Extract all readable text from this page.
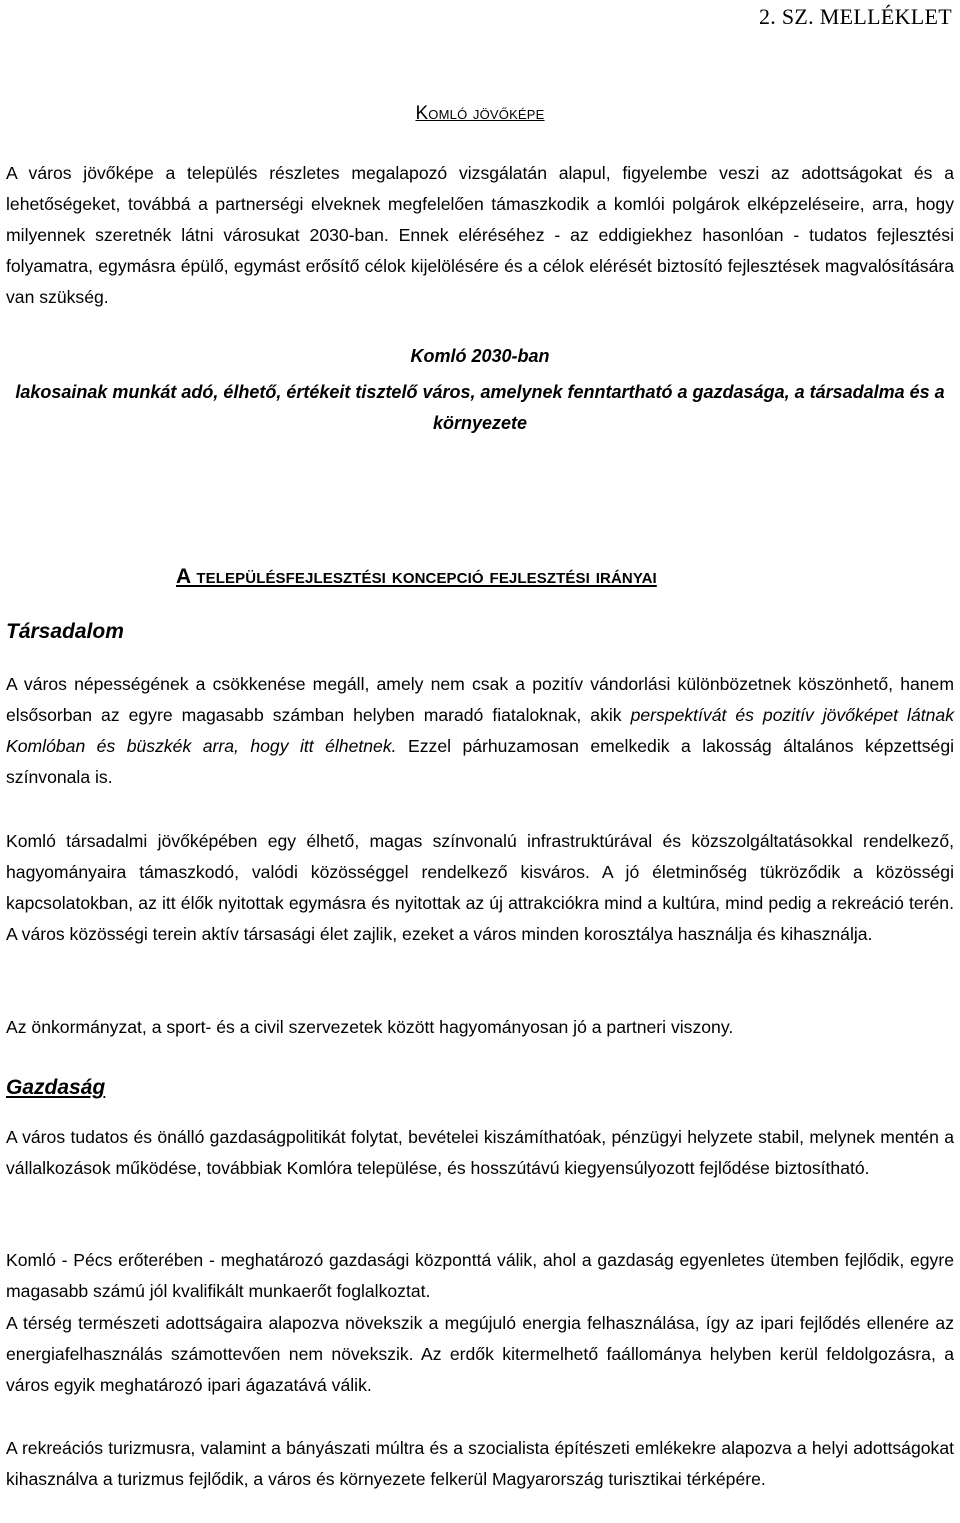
2. SZ. MELLÉKLET
Komló jövőképe

A város jövőképe a település részletes megalapozó vizsgálatán alapul, figyelembe veszi az adottságokat és a lehetőségeket, továbbá a partnerségi elveknek megfelelően támaszkodik a komlói polgárok elképzeléseire, arra, hogy milyennek szeretnék látni városukat 2030-ban. Ennek eléréséhez - az eddigiekhez hasonlóan - tudatos fejlesztési folyamatra, egymásra épülő, egymást erősítő célok kijelölésére és a célok elérését biztosító fejlesztések magvalósítására van szükség.

Komló 2030-ban

lakosainak munkát adó, élhető, értékeit tisztelő város, amelynek fenntartható a gazdasága, a társadalma és a környezete

A településfejlesztési koncepció fejlesztési irányai

Társadalom

A város népességének a csökkenése megáll, amely nem csak a pozitív vándorlási különbözetnek köszönhető, hanem elsősorban az egyre magasabb számban helyben maradó fiataloknak, akik perspektívát és pozitív jövőképet látnak Komlóban és büszkék arra, hogy itt élhetnek. Ezzel párhuzamosan emelkedik a lakosság általános képzettségi színvonala is.

Komló társadalmi jövőképében egy élhető, magas színvonalú infrastruktúrával és közszolgáltatásokkal rendelkező, hagyományaira támaszkodó, valódi közösséggel rendelkező kisváros. A jó életminőség tükröződik a közösségi kapcsolatokban, az itt élők nyitottak egymásra és nyitottak az új attrakciókra mind a kultúra, mind pedig a rekreáció terén. A város közösségi terein aktív társasági élet zajlik, ezeket a város minden korosztálya használja és kihasználja.

Az önkormányzat, a sport- és a civil szervezetek között hagyományosan jó a partneri viszony.

Gazdaság

A város tudatos és önálló gazdaságpolitikát folytat, bevételei kiszámíthatóak, pénzügyi helyzete stabil, melynek mentén a vállalkozások működése, továbbiak Komlóra települése, és hosszútávú kiegyensúlyozott fejlődése biztosítható.

Komló - Pécs erőterében - meghatározó gazdasági központtá válik, ahol a gazdaság egyenletes ütemben fejlődik, egyre magasabb számú jól kvalifikált munkaerőt foglalkoztat.

A térség természeti adottságaira alapozva növekszik a megújuló energia felhasználása, így az ipari fejlődés ellenére az energiafelhasználás számottevően nem növekszik. Az erdők kitermelhető faállománya helyben kerül feldolgozásra, a város egyik meghatározó ipari ágazatává válik.

A rekreációs turizmusra, valamint a bányászati múltra és a szocialista építészeti emlékekre alapozva a helyi adottságokat kihasználva a turizmus fejlődik, a város és környezete felkerül Magyarország turisztikai térképére.
